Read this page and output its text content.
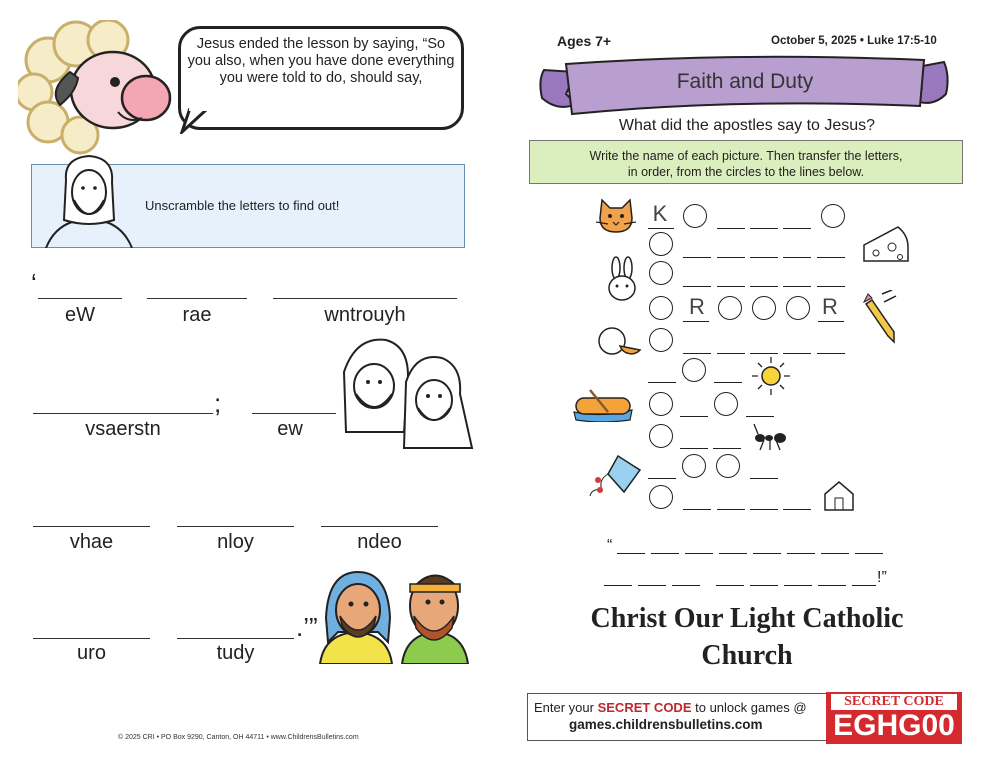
Jesus ended the lesson by saying, “So you also, when you have done everything you were told to do, should say,
Unscramble the letters to find out!
‘
eW	rae	wntrouyh
;
vsaerstn	ew
vhae	nloy	ndeo
.’”
uro	tudy
© 2025 CRI • PO Box 9290, Canton, OH 44711 • www.ChildrensBulletins.com
Ages 7+	October 5, 2025 • Luke 17:5-10
Faith and Duty
What did the apostles say to Jesus?
Write the name of each picture. Then transfer the letters,
in order, from the circles to the lines below.
K
R	R
“
!”
Christ Our Light Catholic
Church
Enter your SECRET CODE to unlock games @
games.childrensbulletins.com
SECRET CODE
EGHG00
